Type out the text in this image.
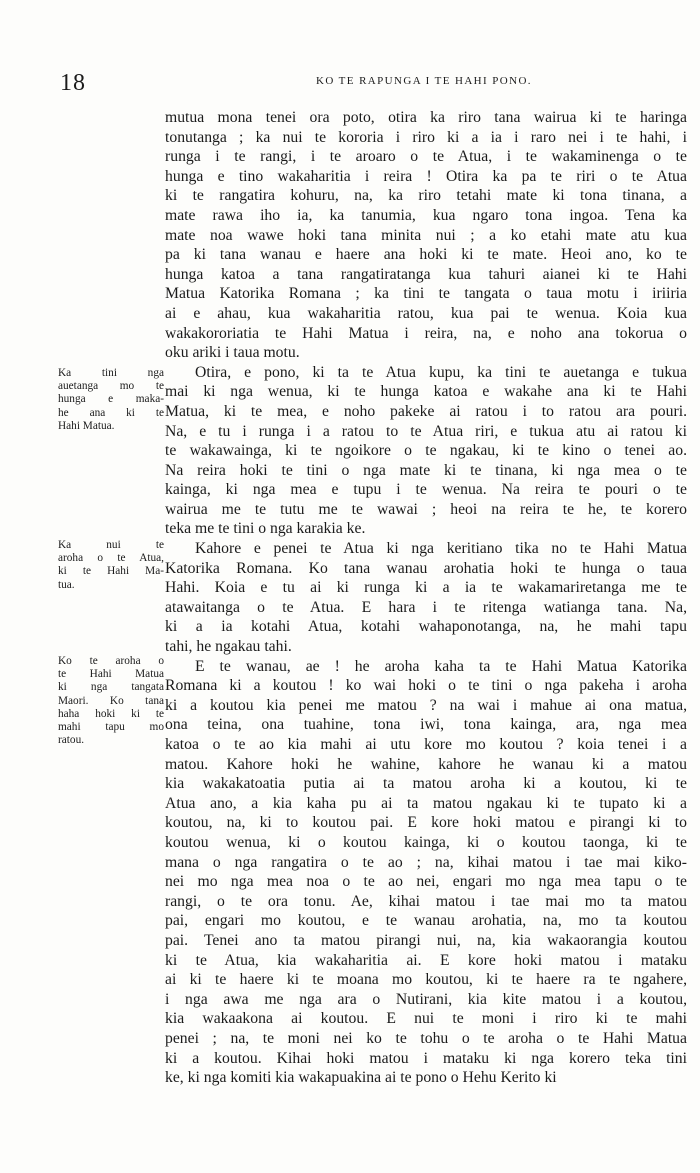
18	KO TE RAPUNGA I TE HAHI PONO.
mutua mona tenei ora poto, otira ka riro tana wairua ki te haringa
tonutanga ; ka nui te kororia i riro ki a ia i raro nei i te hahi, i
runga i te rangi, i te aroaro o te Atua, i te wakaminenga o te
hunga e tino wakaharitia i reira ! Otira ka pa te riri o te Atua
ki te rangatira kohuru, na, ka riro tetahi mate ki tona tinana, a
mate rawa iho ia, ka tanumia, kua ngaro tona ingoa. Tena ka
mate noa wawe hoki tana minita nui ; a ko etahi mate atu kua
pa ki tana wanau e haere ana hoki ki te mate. Heoi ano, ko te
hunga katoa a tana rangatiratanga kua tahuri aianei ki te Hahi
Matua Katorika Romana ; ka tini te tangata o taua motu i iriiria
ai e ahau, kua wakaharitia ratou, kua pai te wenua. Koia kua
wakakororiatia te Hahi Matua i reira, na, e noho ana tokorua o
oku ariki i taua motu.
Otira, e pono, ki ta te Atua kupu, ka tini te auetanga e tukua
mai ki nga wenua, ki te hunga katoa e wakahe ana ki te Hahi
Matua, ki te mea, e noho pakeke ai ratou i to ratou ara pouri.
Na, e tu i runga i a ratou to te Atua riri, e tukua atu ai ratou ki
te wakawainga, ki te ngoikore o te ngakau, ki te kino o tenei ao.
Na reira hoki te tini o nga mate ki te tinana, ki nga mea o te
kainga, ki nga mea e tupu i te wenua. Na reira te pouri o te
wairua me te tutu me te wawai ; heoi na reira te he, te korero
teka me te tini o nga karakia ke.
Kahore e penei te Atua ki nga keritiano tika no te Hahi Matua
Katorika Romana. Ko tana wanau arohatia hoki te hunga o taua
Hahi. Koia e tu ai ki runga ki a ia te wakamariretanga me te
atawaitanga o te Atua. E hara i te ritenga watianga tana. Na,
ki a ia kotahi Atua, kotahi wahaponotanga, na, he mahi tapu
tahi, he ngakau tahi.
E te wanau, ae ! he aroha kaha ta te Hahi Matua Katorika
Romana ki a koutou ! ko wai hoki o te tini o nga pakeha i aroha
ki a koutou kia penei me matou ? na wai i mahue ai ona matua,
ona teina, ona tuahine, tona iwi, tona kainga, ara, nga mea
katoa o te ao kia mahi ai utu kore mo koutou ? koia tenei i a
matou. Kahore hoki he wahine, kahore he wanau ki a matou
kia wakakatoatia putia ai ta matou aroha ki a koutou, ki te
Atua ano, a kia kaha pu ai ta matou ngakau ki te tupato ki a
koutou, na, ki to koutou pai. E kore hoki matou e pirangi ki to
koutou wenua, ki o koutou kainga, ki o koutou taonga, ki te
mana o nga rangatira o te ao ; na, kihai matou i tae mai kiko-
nei mo nga mea noa o te ao nei, engari mo nga mea tapu o te
rangi, o te ora tonu. Ae, kihai matou i tae mai mo ta matou
pai, engari mo koutou, e te wanau arohatia, na, mo ta koutou
pai. Tenei ano ta matou pirangi nui, na, kia wakaorangia koutou
ki te Atua, kia wakaharitia ai. E kore hoki matou i mataku
ai ki te haere ki te moana mo koutou, ki te haere ra te ngahere,
i nga awa me nga ara o Nutirani, kia kite matou i a koutou,
kia wakaakona ai koutou. E nui te moni i riro ki te mahi
penei ; na, te moni nei ko te tohu o te aroha o te Hahi Matua
ki a koutou. Kihai hoki matou i mataku ki nga korero teka tini
ke, ki nga komiti kia wakapuakina ai te pono o Hehu Kerito ki
Ka tini nga
auetanga mo te
hunga e maka-
he ana ki te
Hahi Matua.
Ka nui te
aroha o te Atua,
ki te Hahi Ma-
tua.
Ko te aroha o
te Hahi Matua
ki nga tangata
Maori. Ko tana
haha hoki ki te
mahi tapu mo
ratou.
